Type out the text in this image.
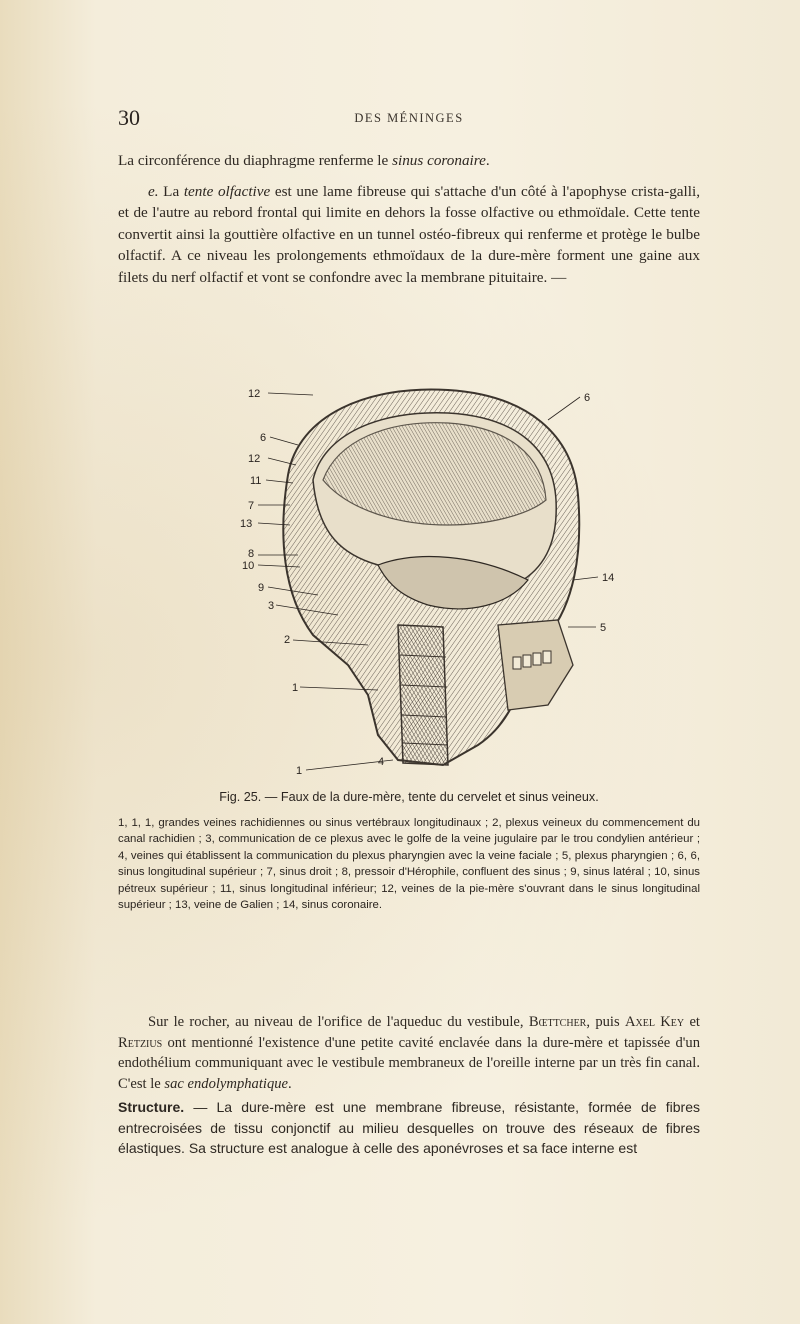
30	DES MÉNINGES

La circonférence du diaphragme renferme le sinus coronaire.

e. La tente olfactive est une lame fibreuse qui s'attache d'un côté à l'apophyse crista-galli, et de l'autre au rebord frontal qui limite en dehors la fosse olfactive ou ethmoïdale. Cette tente convertit ainsi la gouttière olfactive en un tunnel ostéo-fibreux qui renferme et protège le bulbe olfactif. A ce niveau les prolongements ethmoïdaux de la dure-mère forment une gaine aux filets du nerf olfactif et vont se confondre avec la membrane pituitaire. —

12
6
12
11
7
13
8
10
9
3
2
1
1
4
6
14
5
Fig. 25. — Faux de la dure-mère, tente du cervelet et sinus veineux.

1, 1, 1, grandes veines rachidiennes ou sinus vertébraux longitudinaux ; 2, plexus veineux du commencement du canal rachidien ; 3, communication de ce plexus avec le golfe de la veine jugulaire par le trou condylien antérieur ; 4, veines qui établissent la communication du plexus pharyngien avec la veine faciale ; 5, plexus pharyngien ; 6, 6, sinus longitudinal supérieur ; 7, sinus droit ; 8, pressoir d'Hérophile, confluent des sinus ; 9, sinus latéral ; 10, sinus pétreux supérieur ; 11, sinus longitudinal inférieur; 12, veines de la pie-mère s'ouvrant dans le sinus longitudinal supérieur ; 13, veine de Galien ; 14, sinus coronaire.

Sur le rocher, au niveau de l'orifice de l'aqueduc du vestibule, Bœttcher, puis Axel Key et Retzius ont mentionné l'existence d'une petite cavité enclavée dans la dure-mère et tapissée d'un endothélium communiquant avec le vestibule membraneux de l'oreille interne par un très fin canal. C'est le sac endolymphatique.

Structure. — La dure-mère est une membrane fibreuse, résistante, formée de fibres entrecroisées de tissu conjonctif au milieu desquelles on trouve des réseaux de fibres élastiques. Sa structure est analogue à celle des aponévroses et sa face interne est
